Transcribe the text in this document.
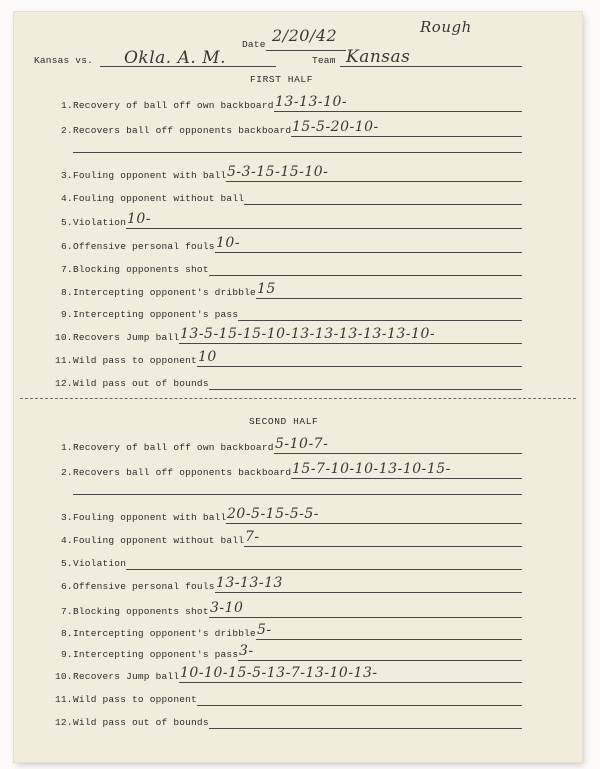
Date 2/20/42	Rough
Kansas vs. Okla. A. M.	Team Kansas
FIRST HALF
1. Recovery of ball off own backboard 13-13-10-
2. Recovers ball off opponents backboard 15-5-20-10-
3. Fouling opponent with ball 5-3-15-15-10-
4. Fouling opponent without ball
5. Violation 10-
6. Offensive personal fouls 10-
7. Blocking opponents shot
8. Intercepting opponent's dribble 15
9. Intercepting opponent's pass
10. Recovers Jump ball 13-5-15-15-10-13-13-13-13-13-10-
11. Wild pass to opponent 10
12. Wild pass out of bounds
SECOND HALF
1. Recovery of ball off own backboard 5-10-7-
2. Recovers ball off opponents backboard 15-7-10-10-13-10-15-
3. Fouling opponent with ball 20-5-15-5-5-
4. Fouling opponent without ball 7-
5. Violation
6. Offensive personal fouls 13-13-13
7. Blocking opponents shot 3-10
8. Intercepting opponent's dribble 5-
9. Intercepting opponent's pass 3-
10. Recovers Jump ball 10-10-15-5-13-7-13-10-13-
11. Wild pass to opponent
12. Wild pass out of bounds
